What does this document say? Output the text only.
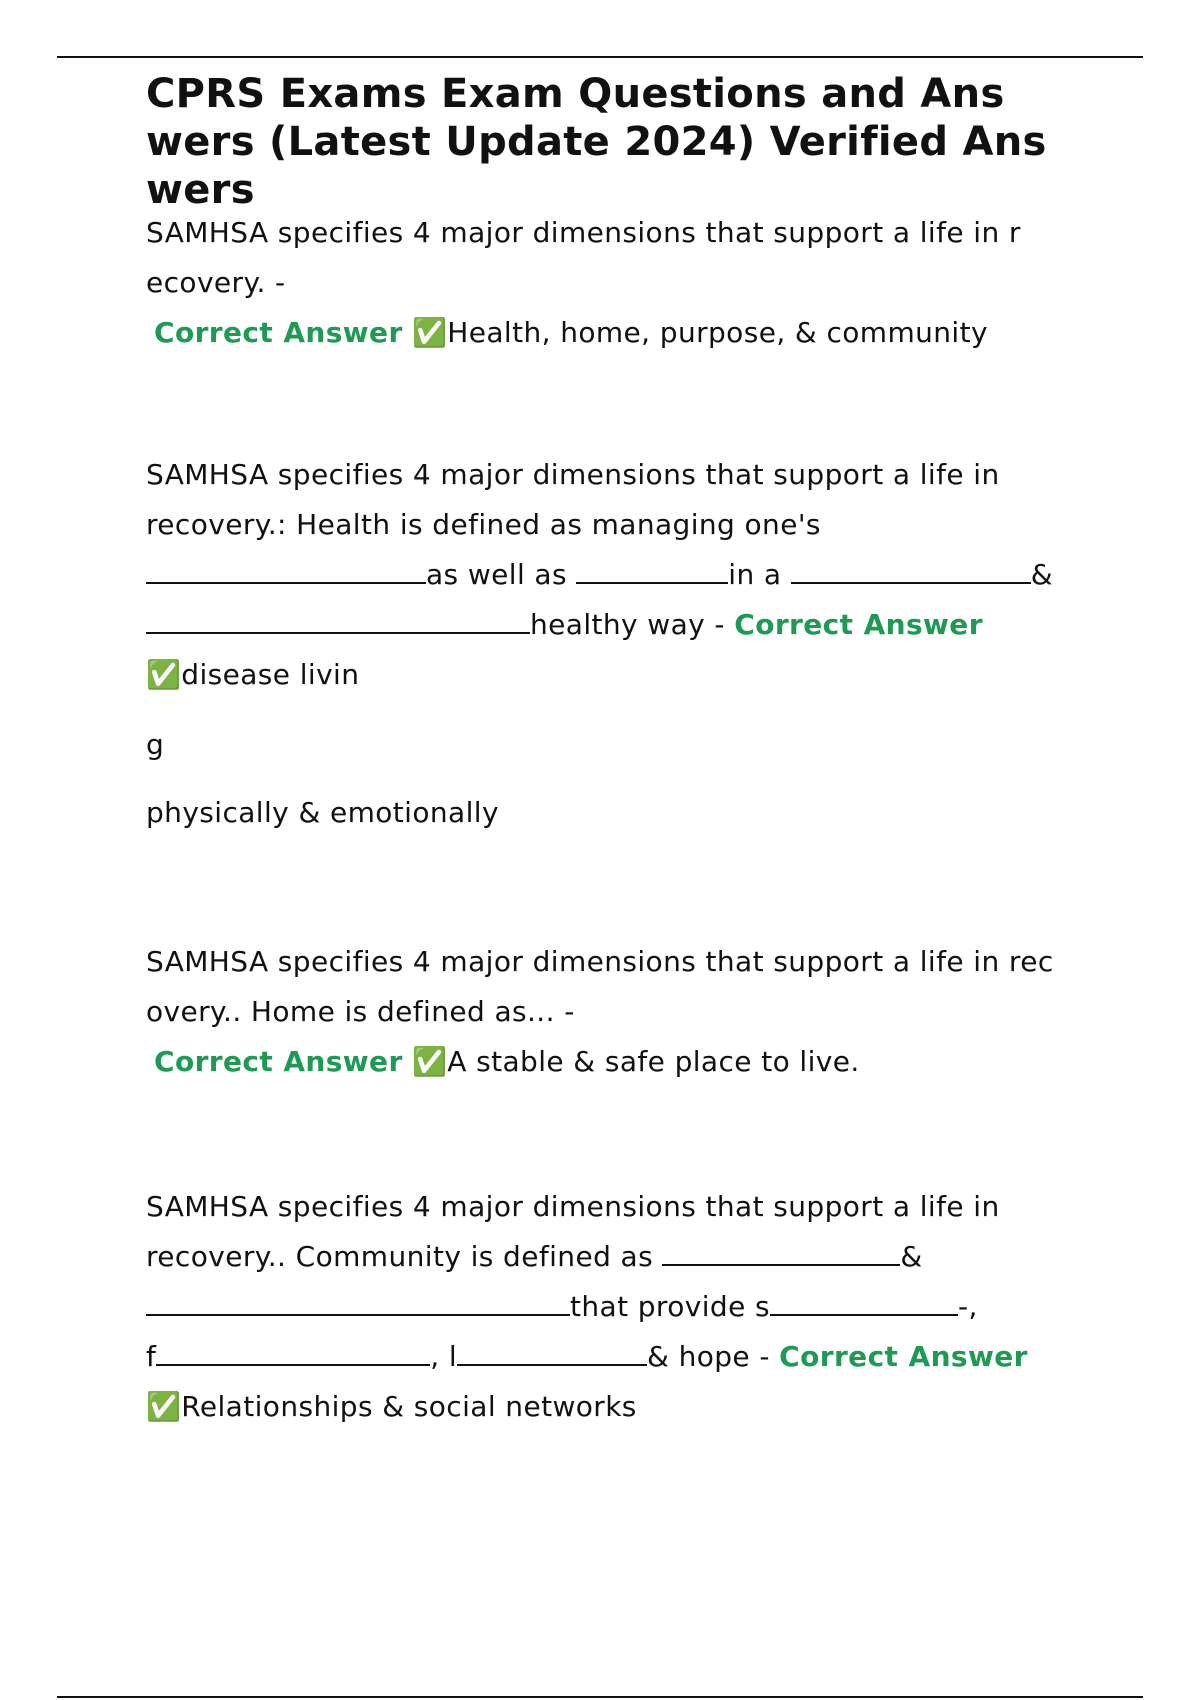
CPRS Exams Exam Questions and Ans
wers (Latest Update 2024) Verified Ans
wers

SAMHSA specifies 4 major dimensions that support a life in r
ecovery. -

Correct Answer ✅Health, home, purpose, & community

SAMHSA specifies 4 major dimensions that support a life in
recovery.: Health is defined as managing one's
as well as	in a	&
healthy way - Correct Answer

✅disease livin

g

physically & emotionally

SAMHSA specifies 4 major dimensions that support a life in rec
overy.. Home is defined as... -

Correct Answer ✅A stable & safe place to live.

SAMHSA specifies 4 major dimensions that support a life in
recovery.. Community is defined as	&
that provide s	-,
f	, l	& hope - Correct Answer

✅Relationships & social networks
